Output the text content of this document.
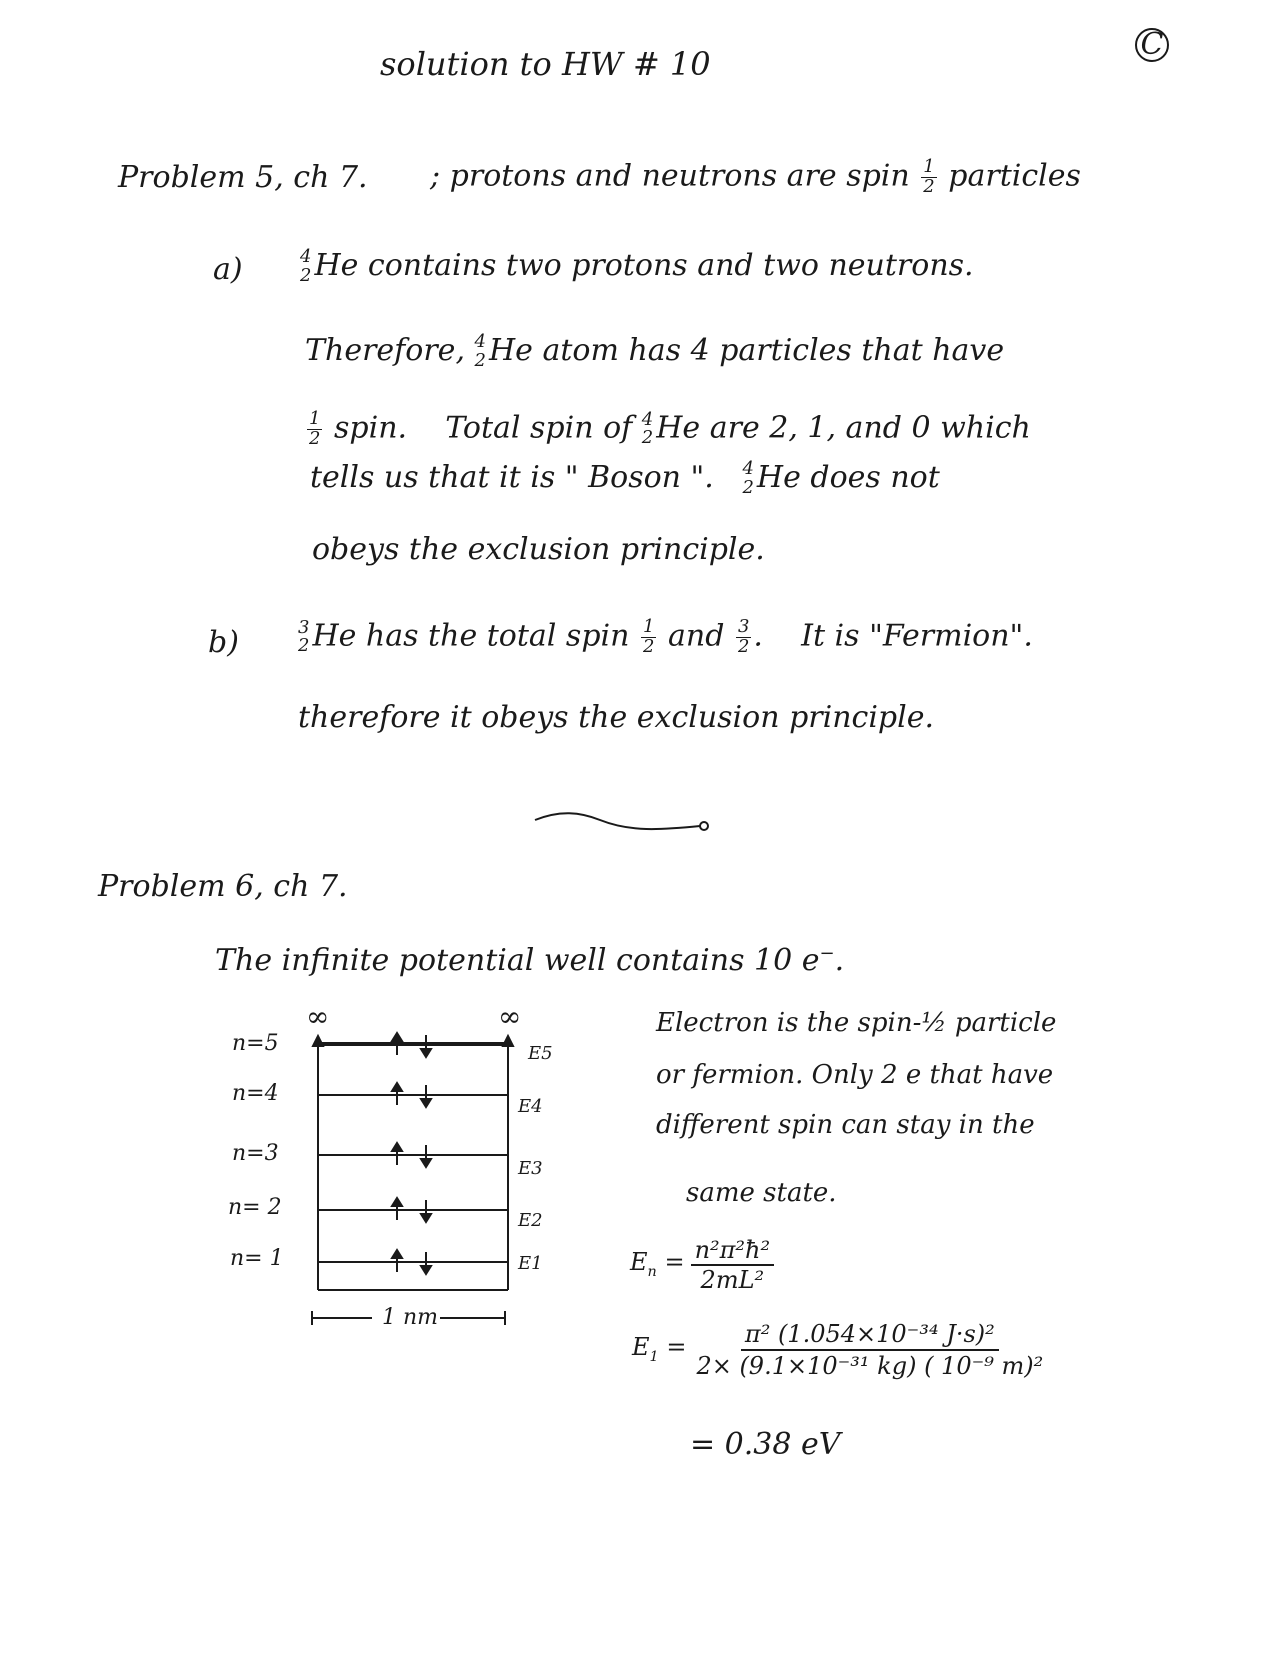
solution to HW # 10
C
Problem 5, ch 7. ; protons and neutrons are spin $\frac{1}{2}$ particles
a)	4
2 He contains two protons and two neutrons.
Therefore, 4
2 He atom has 4 particles that have
$\frac{1}{2}$ spin. Total spin of 4
2 He are 2, 1, and 0 which
tells us that it is " Boson ". 4
2 He does not
obeys the exclusion principle.
b)	3
2 He has the total spin $\frac{1}{2}$ and $\frac{3}{2}$ .    It is "Fermion".
therefore it obeys the exclusion principle.
Problem 6, ch 7.
The infinite potential well contains 10 e−.
∞	∞
n=5
n=4
n=3
n= 2
n= 1
E5
E4
E3
E2
E1
1 nm
Electron is the spin-½ particle
or fermion. Only 2 e that have
different spin can stay in the
same state.
$E_n = \frac{\text{n²π²ħ²}}{\text{2mL²}}$
$E_1 = \frac{\text{π² (1.054×10⁻³⁴ J·s)²}}{\text{2× (9.1×10⁻³¹ kg) ( 10⁻⁹ m)²}}$
= 0.38 eV
